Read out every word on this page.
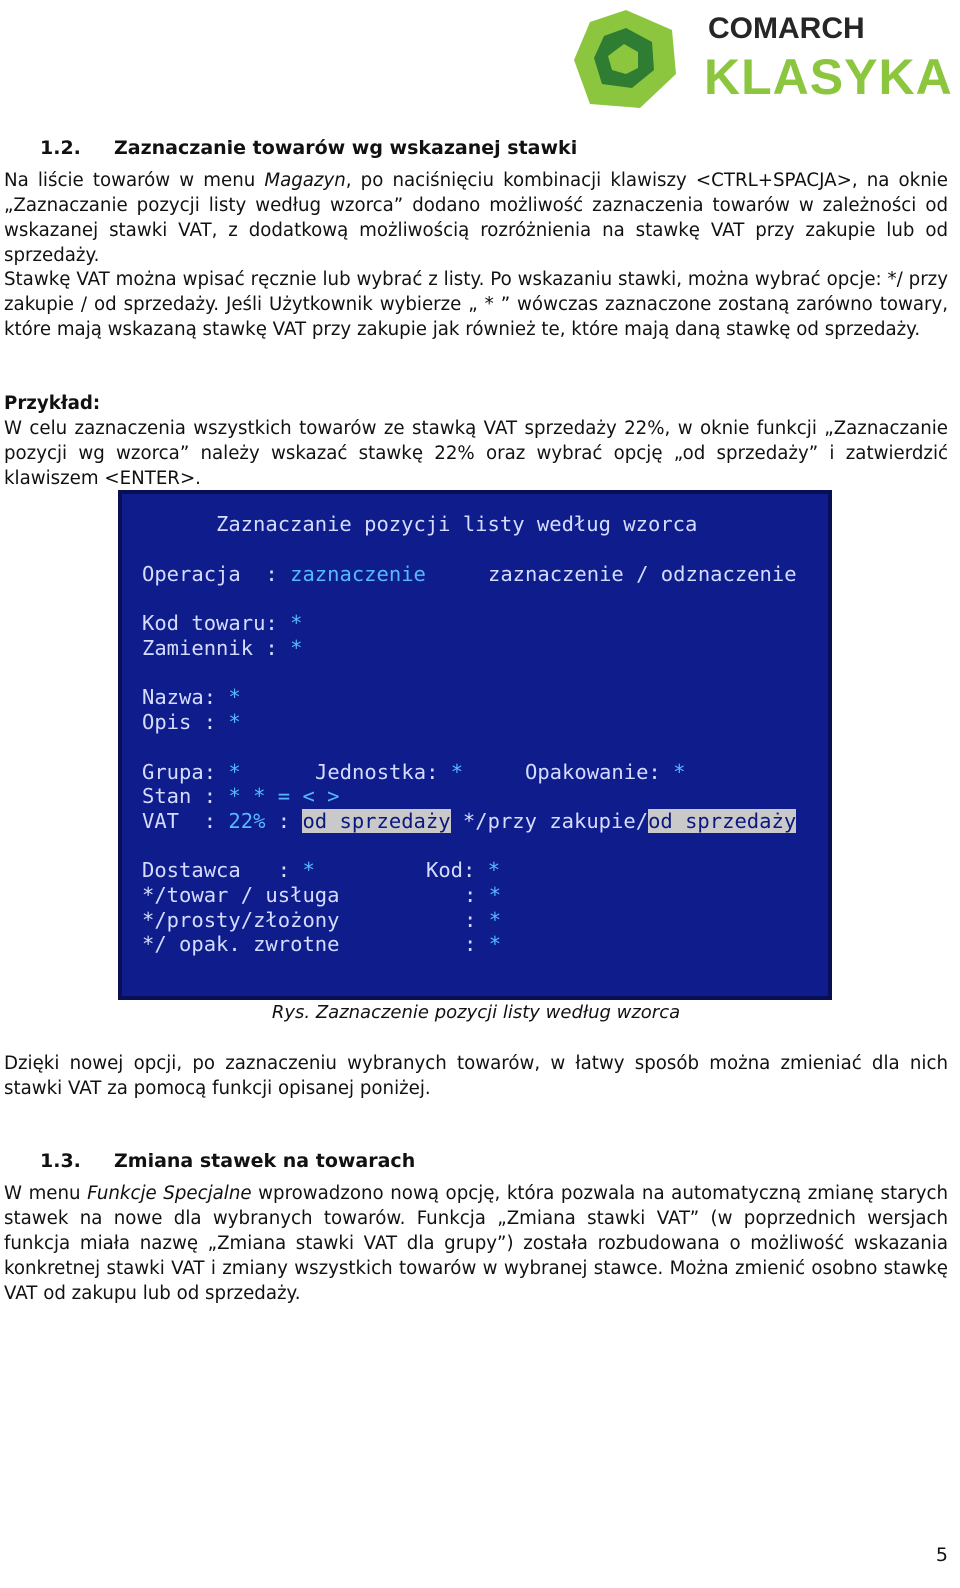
COMARCH
KLASYKA
1.2. Zaznaczanie towarów wg wskazanej stawki

Na liście towarów w menu Magazyn, po naciśnięciu kombinacji klawiszy <CTRL+SPACJA>, na oknie „Zaznaczanie pozycji listy według wzorca” dodano możliwość zaznaczenia towarów w zależności od wskazanej stawki VAT, z dodatkową możliwością rozróżnienia na stawkę VAT przy zakupie lub od sprzedaży.

Stawkę VAT można wpisać ręcznie lub wybrać z listy. Po wskazaniu stawki, można wybrać opcje: */ przy zakupie / od sprzedaży. Jeśli Użytkownik wybierze „ * ” wówczas zaznaczone zostaną zarówno towary, które mają wskazaną stawkę VAT przy zakupie jak również te, które mają daną stawkę od sprzedaży.

Przykład:

W celu zaznaczenia wszystkich towarów ze stawką VAT sprzedaży 22%, w oknie funkcji „Zaznaczanie pozycji wg wzorca” należy wskazać stawkę 22% oraz wybrać opcję „od sprzedaży” i zatwierdzić klawiszem <ENTER>.

Zaznaczanie pozycji listy według wzorca
Operacja  : zaznaczenie	zaznaczenie / odznaczenie
Kod towaru: *
Zamiennik : *
Nazwa: *
Opis : *
Grupa: *	Jednostka: *	Opakowanie: *
Stan : * * = < >
VAT  : 22% : od sprzedaży */przy zakupie/od sprzedaży
Dostawca   : *	Kod: *
*/towar / usługa	: *
*/prosty/złożony	: *
*/ opak. zwrotne	: *
Rys. Zaznaczenie pozycji listy według wzorca

Dzięki nowej opcji, po zaznaczeniu wybranych towarów, w łatwy sposób można zmieniać dla nich stawki VAT za pomocą funkcji opisanej poniżej.

1.3. Zmiana stawek na towarach

W menu Funkcje Specjalne wprowadzono nową opcję, która pozwala na automatyczną zmianę starych stawek na nowe dla wybranych towarów. Funkcja „Zmiana stawki VAT” (w poprzednich wersjach funkcja miała nazwę „Zmiana stawki VAT dla grupy”) została rozbudowana o możliwość wskazania konkretnej stawki VAT i zmiany wszystkich towarów w wybranej stawce. Można zmienić osobno stawkę VAT od zakupu lub od sprzedaży.

5
